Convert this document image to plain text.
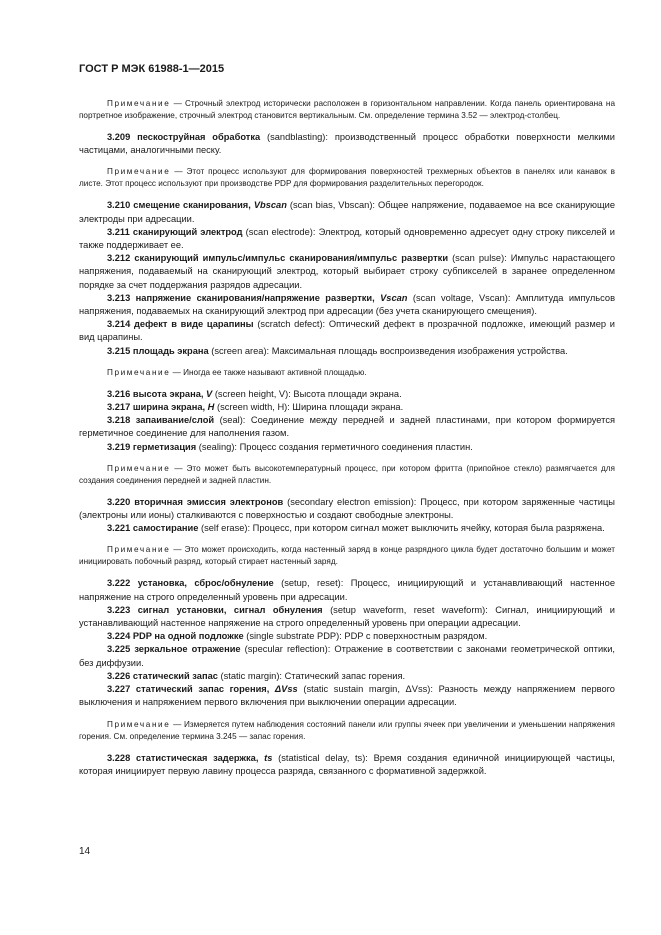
ГОСТ Р МЭК 61988-1—2015

Примечание — Строчный электрод исторически расположен в горизонтальном направлении. Когда панель ориентирована на портретное изображение, строчный электрод становится вертикальным. См. определение термина 3.52 — электрод-столбец.

3.209 пескоструйная обработка (sandblasting): производственный процесс обработки поверхности мелкими частицами, аналогичными песку.

Примечание — Этот процесс используют для формирования поверхностей трехмерных объектов в панелях или канавок в листе. Этот процесс используют при производстве PDP для формирования разделительных перегородок.

3.210 смещение сканирования, Vbscan (scan bias, Vbscan): Общее напряжение, подаваемое на все сканирующие электроды при адресации.

3.211 сканирующий электрод (scan electrode): Электрод, который одновременно адресует одну строку пикселей и также поддерживает ее.

3.212 сканирующий импульс/импульс сканирования/импульс развертки (scan pulse): Импульс нарастающего напряжения, подаваемый на сканирующий электрод, который выбирает строку субпикселей в заранее определенном порядке за счет поддержания разрядов адресации.

3.213 напряжение сканирования/напряжение развертки, Vscan (scan voltage, Vscan): Амплитуда импульсов напряжения, подаваемых на сканирующий электрод при адресации (без учета сканирующего смещения).

3.214 дефект в виде царапины (scratch defect): Оптический дефект в прозрачной подложке, имеющий размер и вид царапины.

3.215 площадь экрана (screen area): Максимальная площадь воспроизведения изображения устройства.

Примечание — Иногда ее также называют активной площадью.

3.216 высота экрана, V (screen height, V): Высота площади экрана.

3.217 ширина экрана, H (screen width, H): Ширина площади экрана.

3.218 запаивание/слой (seal): Соединение между передней и задней пластинами, при котором формируется герметичное соединение для наполнения газом.

3.219 герметизация (sealing): Процесс создания герметичного соединения пластин.

Примечание — Это может быть высокотемпературный процесс, при котором фритта (припойное стекло) размягчается для создания соединения передней и задней пластин.

3.220 вторичная эмиссия электронов (secondary electron emission): Процесс, при котором заряженные частицы (электроны или ионы) сталкиваются с поверхностью и создают свободные электроны.

3.221 самостирание (self erase): Процесс, при котором сигнал может выключить ячейку, которая была разряжена.

Примечание — Это может происходить, когда настенный заряд в конце разрядного цикла будет достаточно большим и может инициировать побочный разряд, который стирает настенный заряд.

3.222 установка, сброс/обнуление (setup, reset): Процесс, инициирующий и устанавливающий настенное напряжение на строго определенный уровень при адресации.

3.223 сигнал установки, сигнал обнуления (setup waveform, reset waveform): Сигнал, инициирующий и устанавливающий настенное напряжение на строго определенный уровень при операции адресации.

3.224 PDP на одной подложке (single substrate PDP): PDP с поверхностным разрядом.

3.225 зеркальное отражение (specular reflection): Отражение в соответствии с законами геометрической оптики, без диффузии.

3.226 статический запас (static margin): Статический запас горения.

3.227 статический запас горения, ΔVss (static sustain margin, ΔVss): Разность между напряжением первого выключения и напряжением первого включения при выключении операции адресации.

Примечание — Измеряется путем наблюдения состояний панели или группы ячеек при увеличении и уменьшении напряжения горения. См. определение термина 3.245 — запас горения.

3.228 статистическая задержка, ts (statistical delay, ts): Время создания единичной инициирующей частицы, которая инициирует первую лавину процесса разряда, связанного с формативной задержкой.

14
